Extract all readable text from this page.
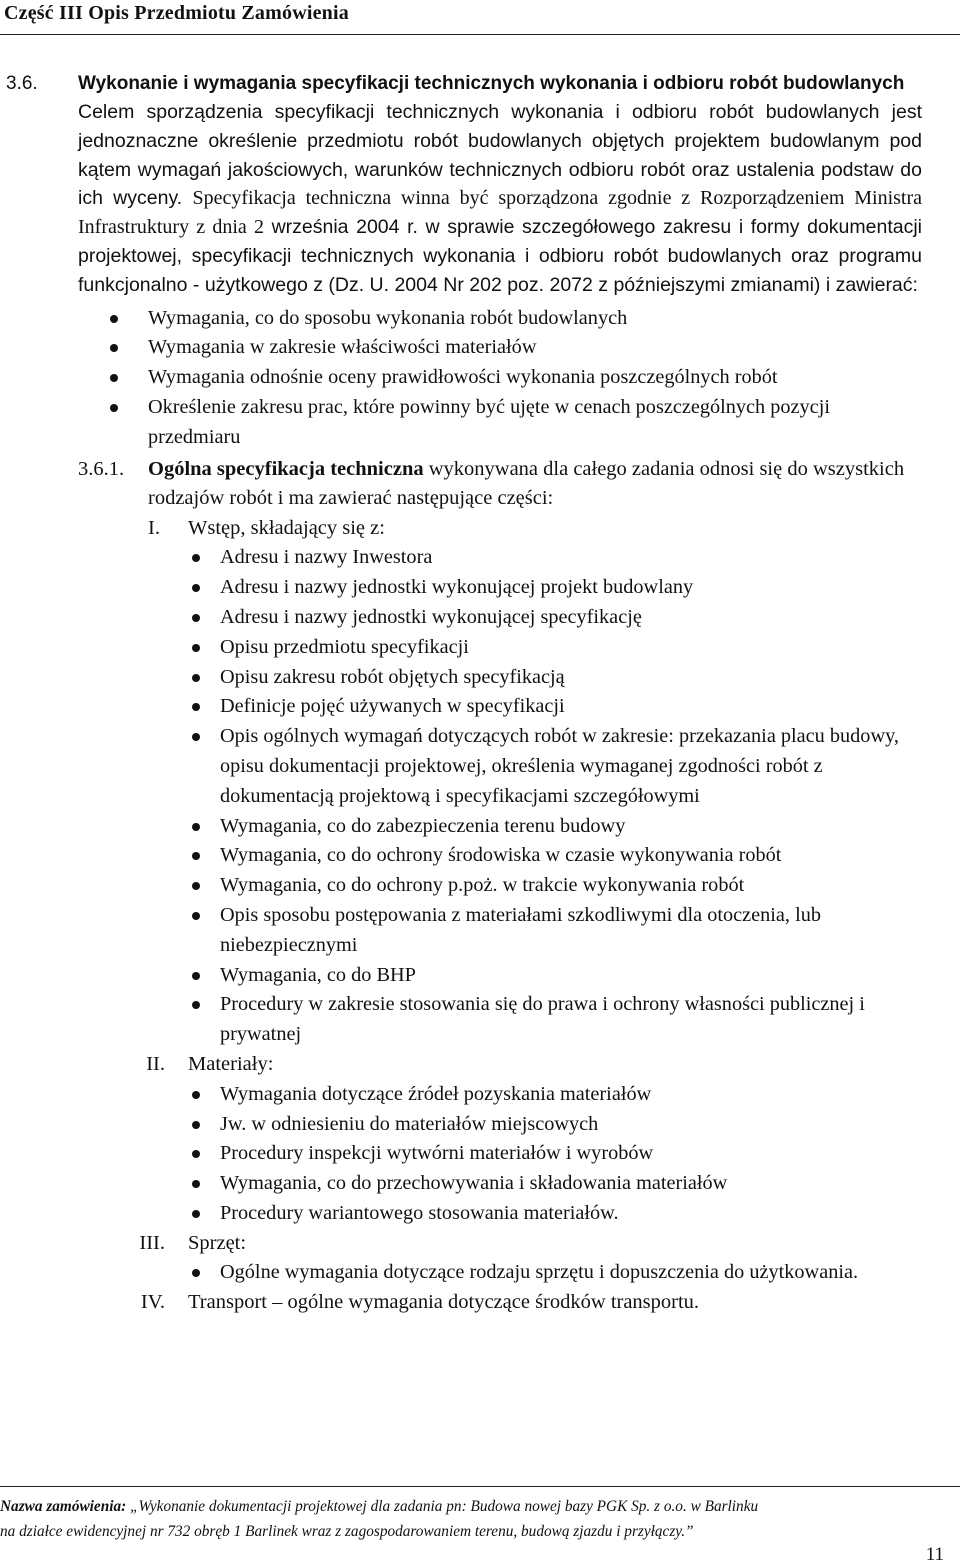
Część III Opis Przedmiotu Zamówienia
3.6. Wykonanie i wymagania specyfikacji technicznych wykonania i odbioru robót budowlanych
Celem sporządzenia specyfikacji technicznych wykonania i odbioru robót budowlanych jest jednoznaczne określenie przedmiotu robót budowlanych objętych projektem budowlanym pod kątem wymagań jakościowych, warunków technicznych odbioru robót oraz ustalenia podstaw do ich wyceny. Specyfikacja techniczna winna być sporządzona zgodnie z Rozporządzeniem Ministra Infrastruktury z dnia 2 września 2004 r. w sprawie szczegółowego zakresu i formy dokumentacji projektowej, specyfikacji technicznych wykonania i odbioru robót budowlanych oraz programu funkcjonalno - użytkowego z (Dz. U. 2004 Nr 202 poz. 2072 z późniejszymi zmianami) i zawierać:
Wymagania, co do sposobu wykonania robót budowlanych
Wymagania w zakresie właściwości materiałów
Wymagania odnośnie oceny prawidłowości wykonania poszczególnych robót
Określenie zakresu prac, które powinny być ujęte w cenach poszczególnych pozycji przedmiaru
3.6.1. Ogólna specyfikacja techniczna wykonywana dla całego zadania odnosi się do wszystkich rodzajów robót i ma zawierać następujące części:
I.	Wstęp, składający się z:
Adresu i nazwy Inwestora
Adresu i nazwy jednostki wykonującej projekt budowlany
Adresu i nazwy jednostki wykonującej specyfikację
Opisu przedmiotu specyfikacji
Opisu zakresu robót objętych specyfikacją
Definicje pojęć używanych w specyfikacji
Opis ogólnych wymagań dotyczących robót w zakresie: przekazania placu budowy, opisu dokumentacji projektowej, określenia wymaganej zgodności robót z dokumentacją projektową i specyfikacjami szczegółowymi
Wymagania, co do zabezpieczenia terenu budowy
Wymagania, co do ochrony środowiska w czasie wykonywania robót
Wymagania, co do ochrony p.poż. w trakcie wykonywania robót
Opis sposobu postępowania z materiałami szkodliwymi dla otoczenia, lub niebezpiecznymi
Wymagania, co do BHP
Procedury w zakresie stosowania się do prawa i ochrony własności publicznej i prywatnej
II. Materiały:
Wymagania dotyczące źródeł pozyskania materiałów
Jw. w odniesieniu do materiałów miejscowych
Procedury inspekcji wytwórni materiałów i wyrobów
Wymagania, co do przechowywania i składowania materiałów
Procedury wariantowego stosowania materiałów.
III. Sprzęt:
Ogólne wymagania dotyczące rodzaju sprzętu i dopuszczenia do użytkowania.
IV. Transport – ogólne wymagania dotyczące środków transportu.
Nazwa zamówienia: „Wykonanie dokumentacji projektowej dla zadania pn: Budowa nowej bazy PGK Sp. z o.o. w Barlinku
na działce ewidencyjnej nr 732 obręb 1 Barlinek wraz z zagospodarowaniem terenu, budową zjazdu i przyłączy.”
11
